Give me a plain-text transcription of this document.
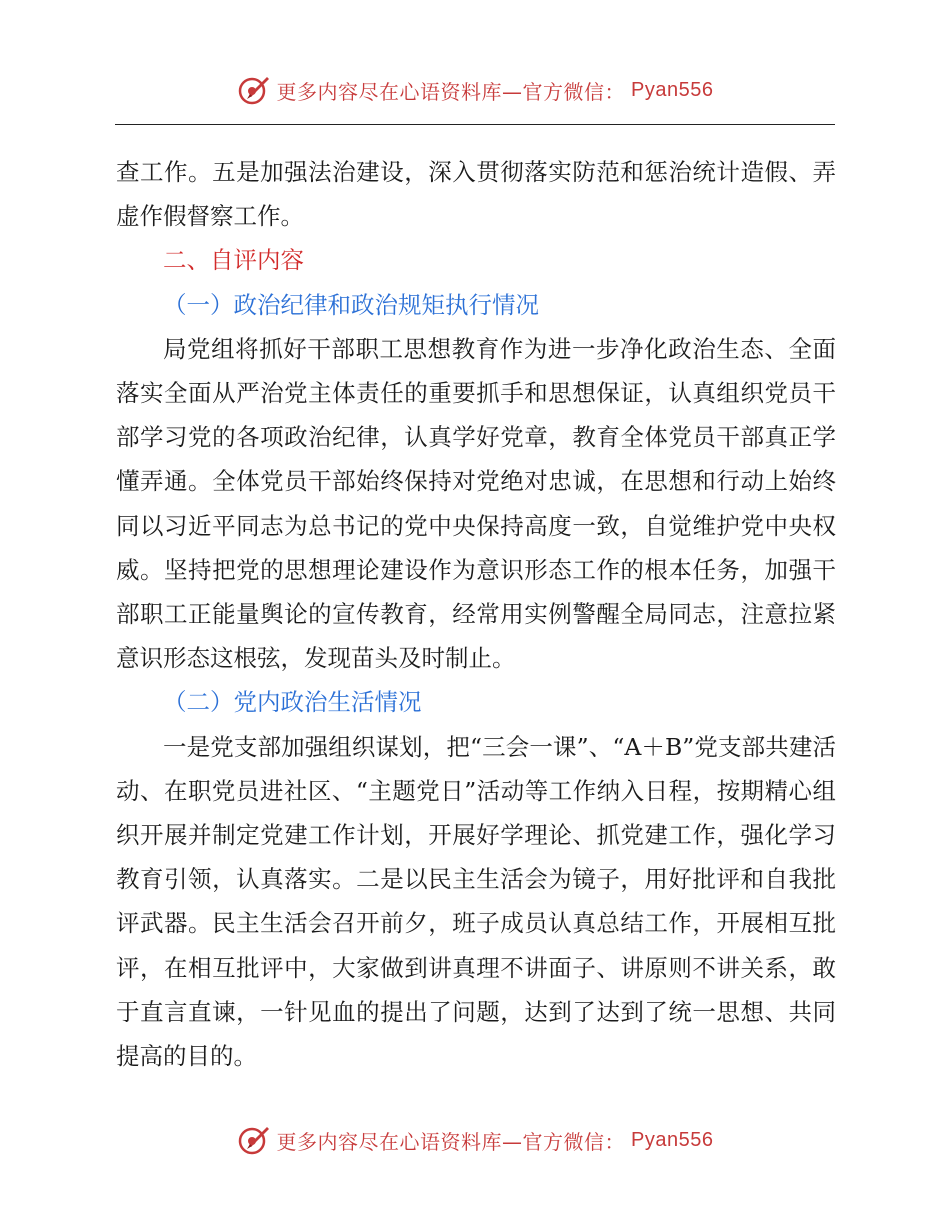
更多内容尽在心语资料库—官方微信： Pyan556

查工作。五是加强法治建设，深入贯彻落实防范和惩治统计造假、弄虚作假督察工作。

二、自评内容

（一）政治纪律和政治规矩执行情况

局党组将抓好干部职工思想教育作为进一步净化政治生态、全面落实全面从严治党主体责任的重要抓手和思想保证，认真组织党员干部学习党的各项政治纪律，认真学好党章，教育全体党员干部真正学懂弄通。全体党员干部始终保持对党绝对忠诚，在思想和行动上始终同以习近平同志为总书记的党中央保持高度一致，自觉维护党中央权威。坚持把党的思想理论建设作为意识形态工作的根本任务，加强干部职工正能量舆论的宣传教育，经常用实例警醒全局同志，注意拉紧意识形态这根弦，发现苗头及时制止。

（二）党内政治生活情况

一是党支部加强组织谋划，把“三会一课”、“A＋B”党支部共建活动、在职党员进社区、“主题党日”活动等工作纳入日程，按期精心组织开展并制定党建工作计划，开展好学理论、抓党建工作，强化学习教育引领，认真落实。二是以民主生活会为镜子，用好批评和自我批评武器。民主生活会召开前夕，班子成员认真总结工作，开展相互批评，在相互批评中，大家做到讲真理不讲面子、讲原则不讲关系，敢于直言直谏，一针见血的提出了问题，达到了达到了统一思想、共同提高的目的。

更多内容尽在心语资料库—官方微信： Pyan556
